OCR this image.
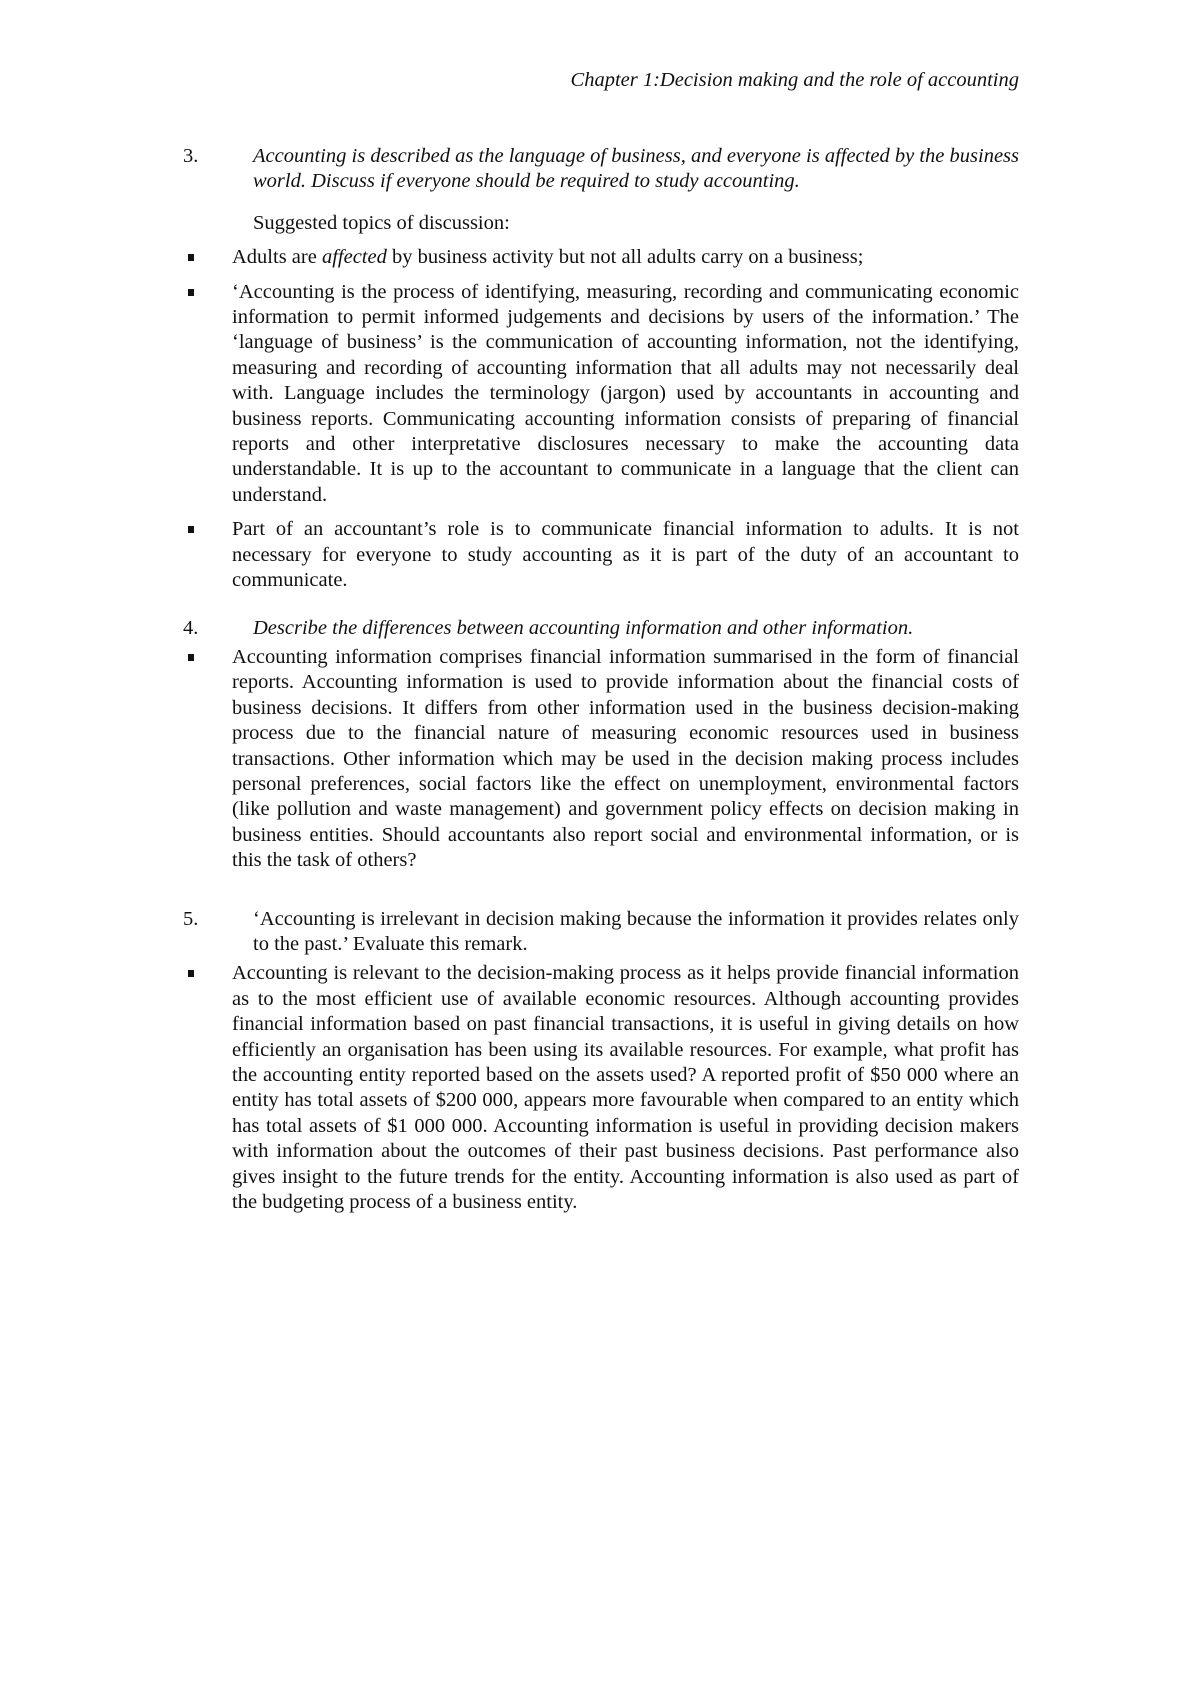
Chapter 1:Decision making and the role of accounting
3.	Accounting is described as the language of business, and everyone is affected by the business world. Discuss if everyone should be required to study accounting.
Suggested topics of discussion:
Adults are affected by business activity but not all adults carry on a business;
‘Accounting is the process of identifying, measuring, recording and communicating economic information to permit informed judgements and decisions by users of the information.’ The ‘language of business’ is the communication of accounting information, not the identifying, measuring and recording of accounting information that all adults may not necessarily deal with. Language includes the terminology (jargon) used by accountants in accounting and business reports. Communicating accounting information consists of preparing of financial reports and other interpretative disclosures necessary to make the accounting data understandable. It is up to the accountant to communicate in a language that the client can understand.
Part of an accountant’s role is to communicate financial information to adults. It is not necessary for everyone to study accounting as it is part of the duty of an accountant to communicate.
4.	Describe the differences between accounting information and other information.
Accounting information comprises financial information summarised in the form of financial reports. Accounting information is used to provide information about the financial costs of business decisions. It differs from other information used in the business decision-making process due to the financial nature of measuring economic resources used in business transactions. Other information which may be used in the decision making process includes personal preferences, social factors like the effect on unemployment, environmental factors (like pollution and waste management) and government policy effects on decision making in business entities. Should accountants also report social and environmental information, or is this the task of others?
5.	‘Accounting is irrelevant in decision making because the information it provides relates only to the past.’ Evaluate this remark.
Accounting is relevant to the decision-making process as it helps provide financial information as to the most efficient use of available economic resources. Although accounting provides financial information based on past financial transactions, it is useful in giving details on how efficiently an organisation has been using its available resources. For example, what profit has the accounting entity reported based on the assets used? A reported profit of $50 000 where an entity has total assets of $200 000, appears more favourable when compared to an entity which has total assets of $1 000 000. Accounting information is useful in providing decision makers with information about the outcomes of their past business decisions. Past performance also gives insight to the future trends for the entity. Accounting information is also used as part of the budgeting process of a business entity.
